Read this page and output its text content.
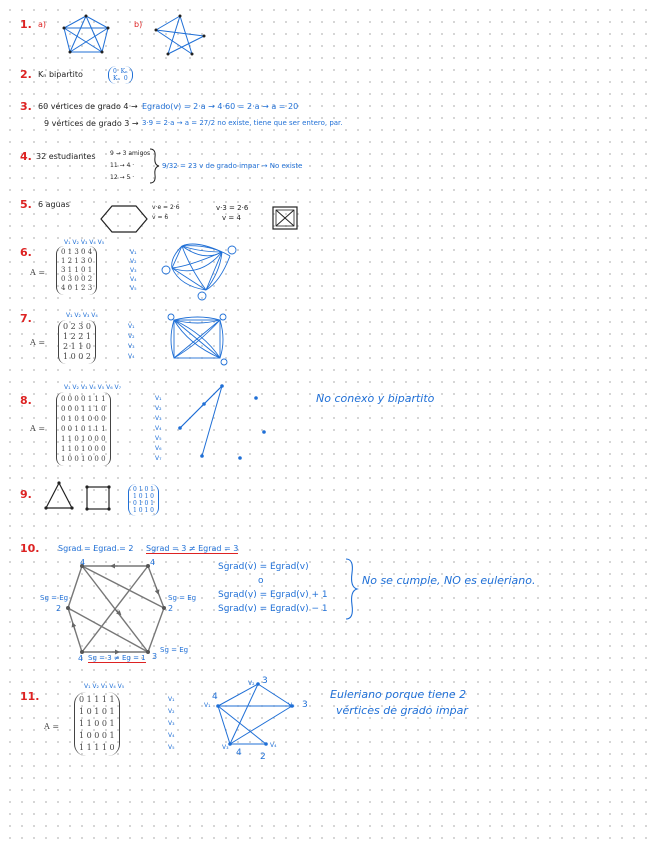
1. a)	b)
2. Kₙ bipartito	0  Kₙ
Kₙ  0
3. 60 vértices de grado 4 → Egrado(v) = 2·a → 4·60 = 2·a → a = 20
9 vértices de grado 3 → 3·9 = 2·a → a = 27/2 no existe, tiene que ser entero, par.
4. 32 estudiantes 9 → 3 amigos
11 → 4 ·
12 → 5 ·
9/32 = 23 v de grado impar → No existe
5. 6 aguas	v·e = 2·6
v = 6
v·3 = 2·6
v = 4
6.
A =
V₁ V₂ V₃ V₄ V₅
0 1 3 0 4
1 2 1 3 0
3 1 1 0 1
0 3 0 0 2
4 0 1 2 3
V₁
V₂
V₃
V₄
V₅
7.
A =
V₁ V₂ V₃ V₄
0 2 3 0
1 2 2 1
2 1 1 0
1 0 0 2
V₁
V₂
V₃
V₄
8.
A =
V₁ V₂ V₃ V₄ V₅ V₆ V₇
0 0 0 0 1 1 1
0 0 0 1 1 1 0
0 1 0 1 0 0 0
0 0 1 0 1 1 1
1 1 0 1 0 0 0
1 1 0 1 0 0 0
1 0 0 1 0 0 0
V₁
V₂
V₃
V₄
V₅
V₆
V₇
No conexo y bipartito
9.	0 1 0 1
1 0 1 0
0 1 0 1
1 0 1 0
10. Sgrad = Egrad = 2 Sgrad = 3 ≠ Egrad = 3
4	4
2	2
4	3
Sg = Eg	Sg = Eg
Sg = Eg
Sg = 3 ≠ Eg = 1
Sgrad(v) = Egrad(v)
o
Sgrad(v) = Egrad(v) + 1
Sgrad(v) = Egrad(v) − 1
No se cumple, NO es euleriano.
11.
A =
V₁ V₂ V₃ V₄ V₅
0 1 1 1 1
1 0 1 0 1
1 1 0 0 1
1 0 0 0 1
1 1 1 1 0
V₁
V₂
V₃
V₄
V₅
3
4
3
4 2
V₂
V₁	V₅
V₃	V₄
Euleriano porque tiene 2
vértices de grado impar
